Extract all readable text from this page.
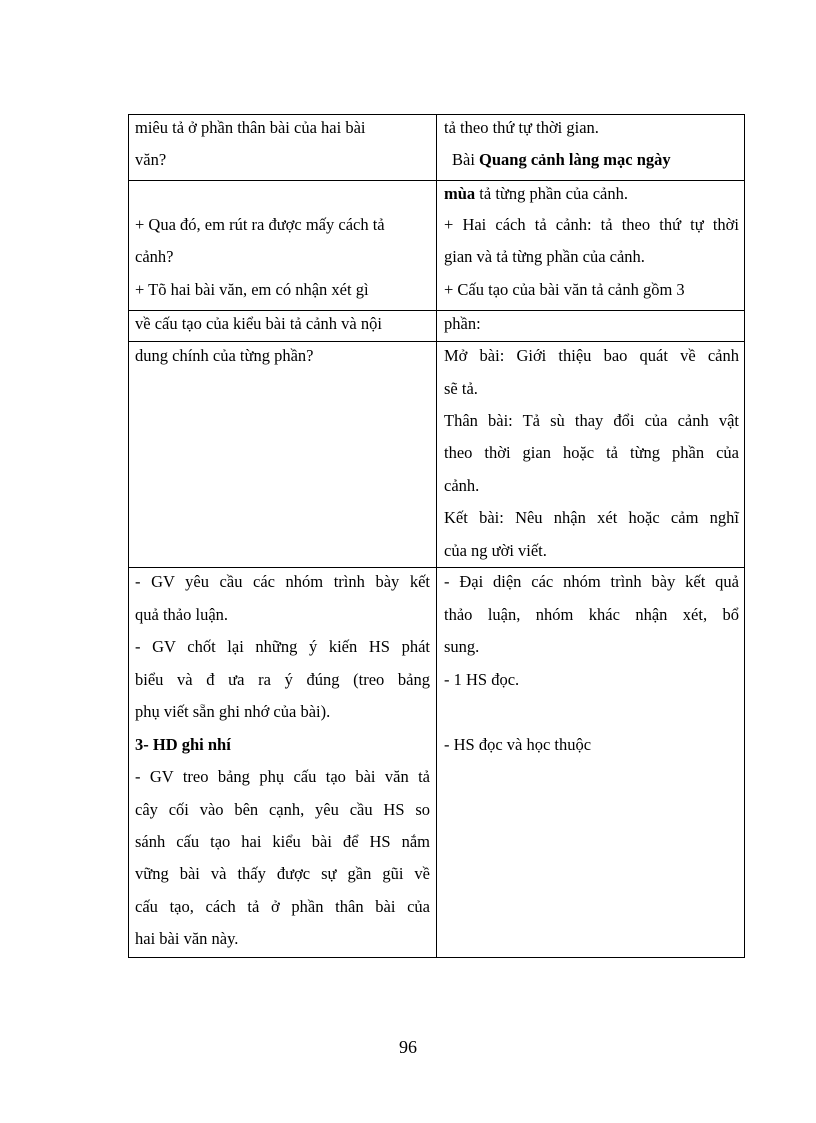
miêu tả ở phần thân bài của hai bài
văn?
+ Qua đó, em rút ra được mấy cách tả
cảnh?
+ Tõ hai bài văn, em có nhận xét gì
về cấu tạo của kiểu bài tả cảnh và nội
dung chính của từng phần?
- GV yêu cầu các nhóm trình bày kết
quả thảo luận.
- GV chốt lại những ý kiến HS phát
biểu và đ ưa ra ý đúng (treo bảng
phụ viết sẵn ghi nhớ của bài).
3- HD ghi nhí
- GV treo bảng phụ cấu tạo bài văn tả
cây cối vào bên cạnh, yêu cầu HS so
sánh cấu tạo hai kiểu bài để HS nắm
vững bài và thấy được sự gần gũi về
cấu tạo, cách tả ở phần thân bài của
hai bài văn này.
tả theo thứ tự thời gian.
Bài Quang cảnh làng mạc ngày
mùa tả từng phần của cảnh.
+ Hai cách tả cảnh: tả theo thứ tự thời
gian và tả từng phần của cảnh.
+ Cấu tạo của bài văn tả cảnh gồm 3
phần:
Mở bài: Giới thiệu bao quát về cảnh
sẽ tả.
Thân bài: Tả sù thay đổi của cảnh vật
theo thời gian hoặc tả từng phần của
cảnh.
Kết bài: Nêu nhận xét hoặc cảm nghĩ
của ng ười viết.
- Đại diện các nhóm trình bày kết quả
thảo luận, nhóm khác nhận xét, bổ
sung.
- 1 HS đọc.
- HS đọc và học thuộc
96
